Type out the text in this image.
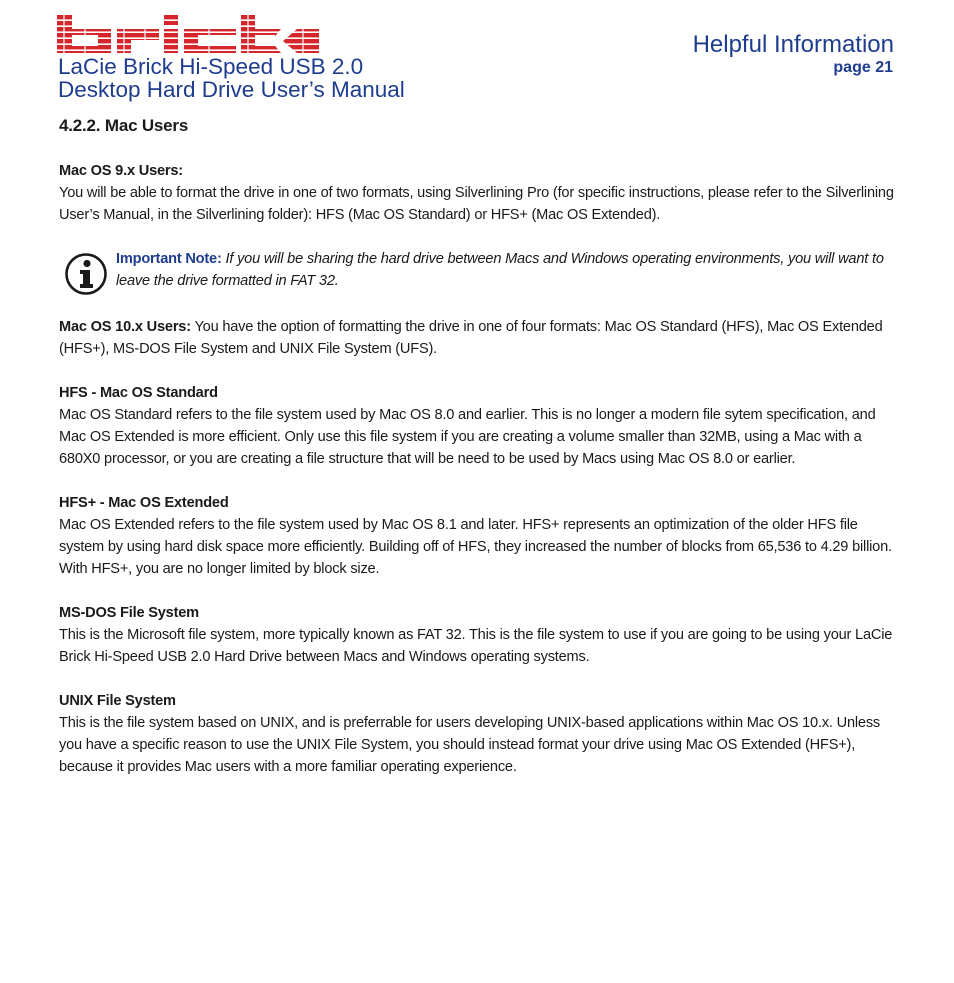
LaCie Brick Hi-Speed USB 2.0
Desktop Hard Drive User’s Manual
Helpful Information
page 21

4.2.2. Mac Users

Mac OS 9.x Users:
You will be able to format the drive in one of two formats, using Silverlining Pro (for specific instructions, please refer to the Silverlining User’s Manual, in the Silverlining folder): HFS (Mac OS Standard) or HFS+ (Mac OS Extended).

Important Note: If you will be sharing the hard drive between Macs and Windows operating environments, you will want to leave the drive formatted in FAT 32.

Mac OS 10.x Users: You have the option of formatting the drive in one of four formats: Mac OS Standard (HFS), Mac OS Extended (HFS+), MS-DOS File System and UNIX File System (UFS).

HFS - Mac OS Standard
Mac OS Standard refers to the file system used by Mac OS 8.0 and earlier. This is no longer a modern file sytem specification, and Mac OS Extended is more efficient. Only use this file system if you are creating a volume smaller than 32MB, using a Mac with a 680X0 processor, or you are creating a file structure that will be need to be used by Macs using Mac OS 8.0 or earlier.

HFS+ - Mac OS Extended
Mac OS Extended refers to the file system used by Mac OS 8.1 and later. HFS+ represents an optimization of the older HFS file system by using hard disk space more efficiently. Building off of HFS, they increased the number of blocks from 65,536 to 4.29 billion. With HFS+, you are no longer limited by block size.

MS-DOS File System
This is the Microsoft file system, more typically known as FAT 32. This is the file system to use if you are going to be using your LaCie Brick Hi-Speed USB 2.0 Hard Drive between Macs and Windows operating systems.

UNIX File System
This is the file system based on UNIX, and is preferrable for users developing UNIX-based applications within Mac OS 10.x. Unless you have a specific reason to use the UNIX File System, you should instead format your drive using Mac OS Extended (HFS+), because it provides Mac users with a more familiar operating experience.
